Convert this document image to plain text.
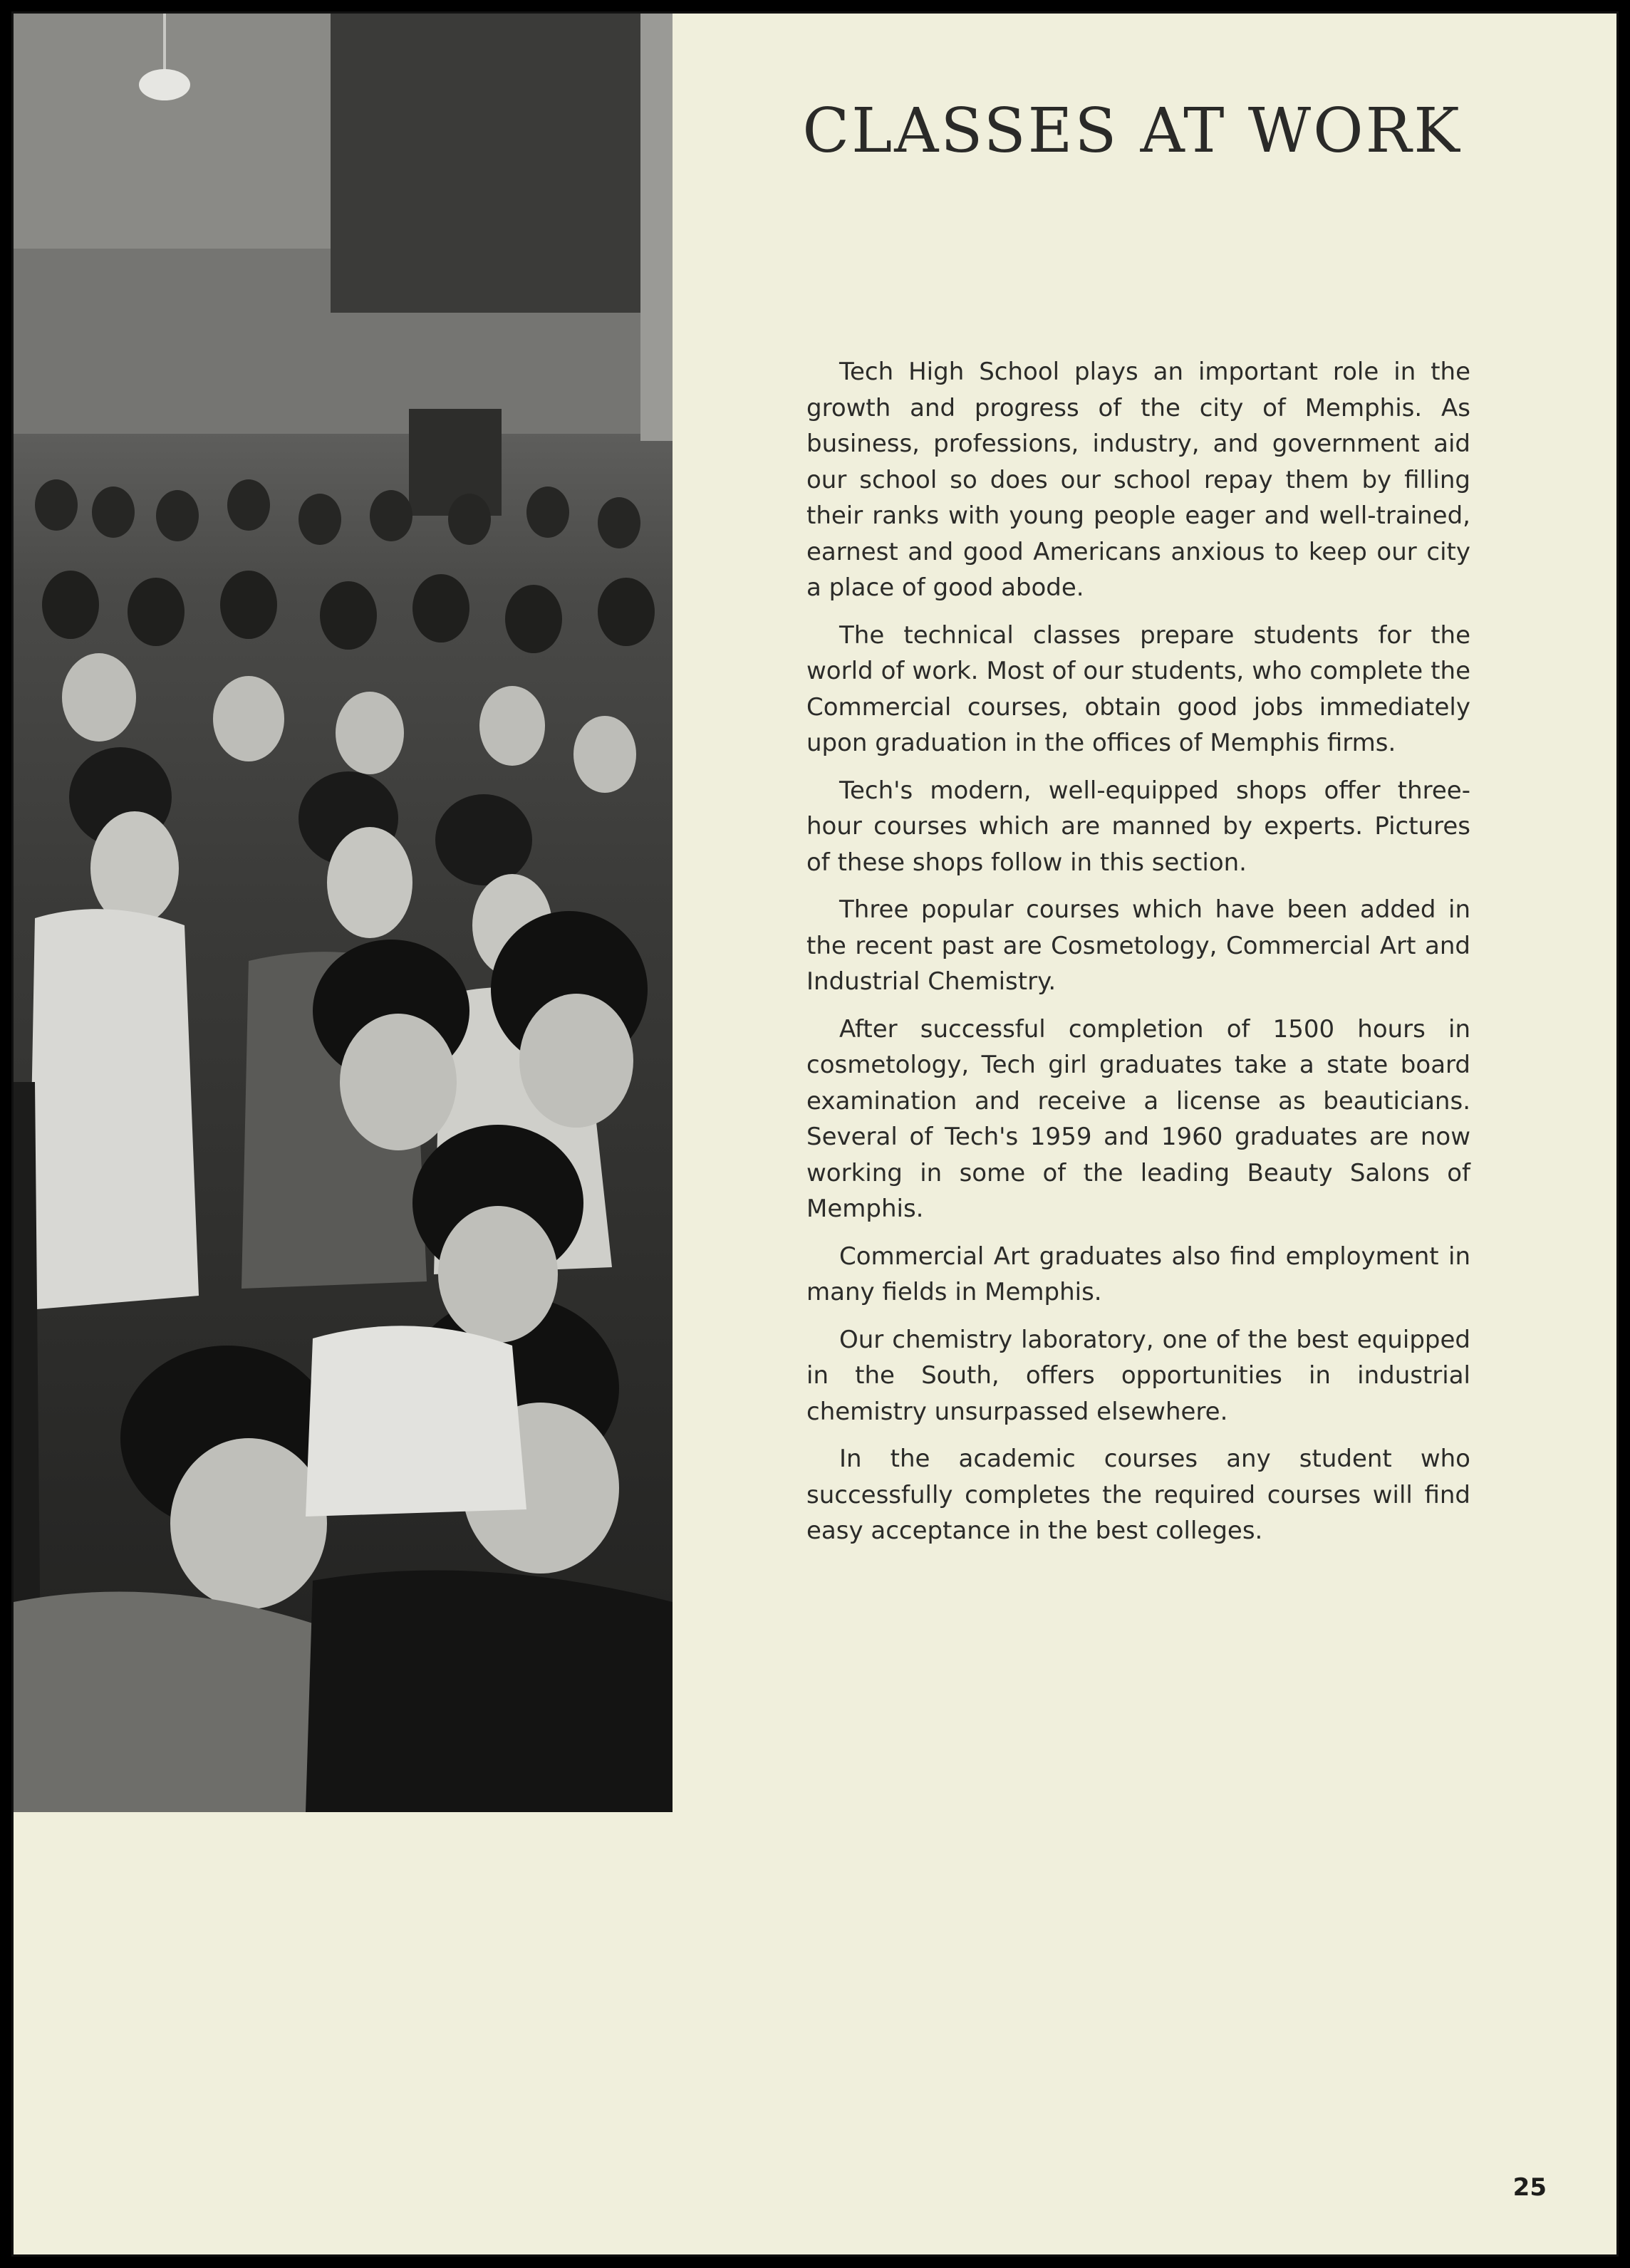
CLASSES AT WORK

Tech High School plays an important role in the growth and progress of the city of Memphis. As business, professions, industry, and government aid our school so does our school repay them by filling their ranks with young people eager and well-trained, earnest and good Americans anxious to keep our city a place of good abode.

The technical classes prepare students for the world of work. Most of our students, who complete the Commercial courses, obtain good jobs immediately upon graduation in the offices of Memphis firms.

Tech's modern, well-equipped shops offer three-hour courses which are manned by experts. Pictures of these shops follow in this section.

Three popular courses which have been added in the recent past are Cosmetology, Commercial Art and Industrial Chemistry.

After successful completion of 1500 hours in cosmetology, Tech girl graduates take a state board examination and receive a license as beauticians. Several of Tech's 1959 and 1960 graduates are now working in some of the leading Beauty Salons of Memphis.

Commercial Art graduates also find employment in many fields in Memphis.

Our chemistry laboratory, one of the best equipped in the South, offers opportunities in industrial chemistry unsurpassed elsewhere.

In the academic courses any student who successfully completes the required courses will find easy acceptance in the best colleges.

25
